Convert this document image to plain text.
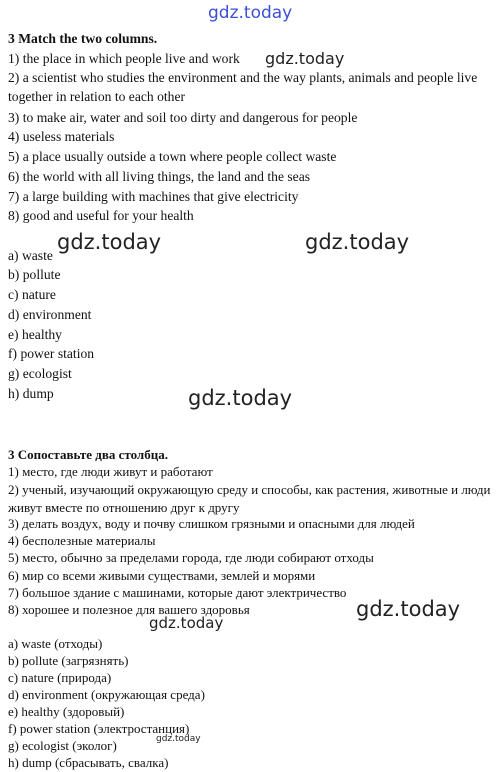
gdz.today
gdz.today
gdz.today	gdz.today
gdz.today
gdz.today
gdz.today
gdz.today
3 Match the two columns.
1) the place in which people live and work
2) a scientist who studies the environment and the way plants, animals and people live together in relation to each other
3) to make air, water and soil too dirty and dangerous for people
4) useless materials
5) a place usually outside a town where people collect waste
6) the world with all living things, the land and the seas
7) a large building with machines that give electricity
8) good and useful for your health
a) waste
b) pollute
c) nature
d) environment
e) healthy
f) power station
g) ecologist
h) dump
3 Сопоставьте два столбца.
1) место, где люди живут и работают
2) ученый, изучающий окружающую среду и способы, как растения, животные и люди живут вместе по отношению друг к другу
3) делать воздух, воду и почву слишком грязными и опасными для людей
4) бесполезные материалы
5) место, обычно за пределами города, где люди собирают отходы
6) мир со всеми живыми существами, землей и морями
7) большое здание с машинами, которые дают электричество
8) хорошее и полезное для вашего здоровья
a) waste (отходы)
b) pollute (загрязнять)
c) nature (природа)
d) environment (окружающая среда)
e) healthy (здоровый)
f) power station (электростанция)
g) ecologist (эколог)
h) dump (сбрасывать, свалка)
